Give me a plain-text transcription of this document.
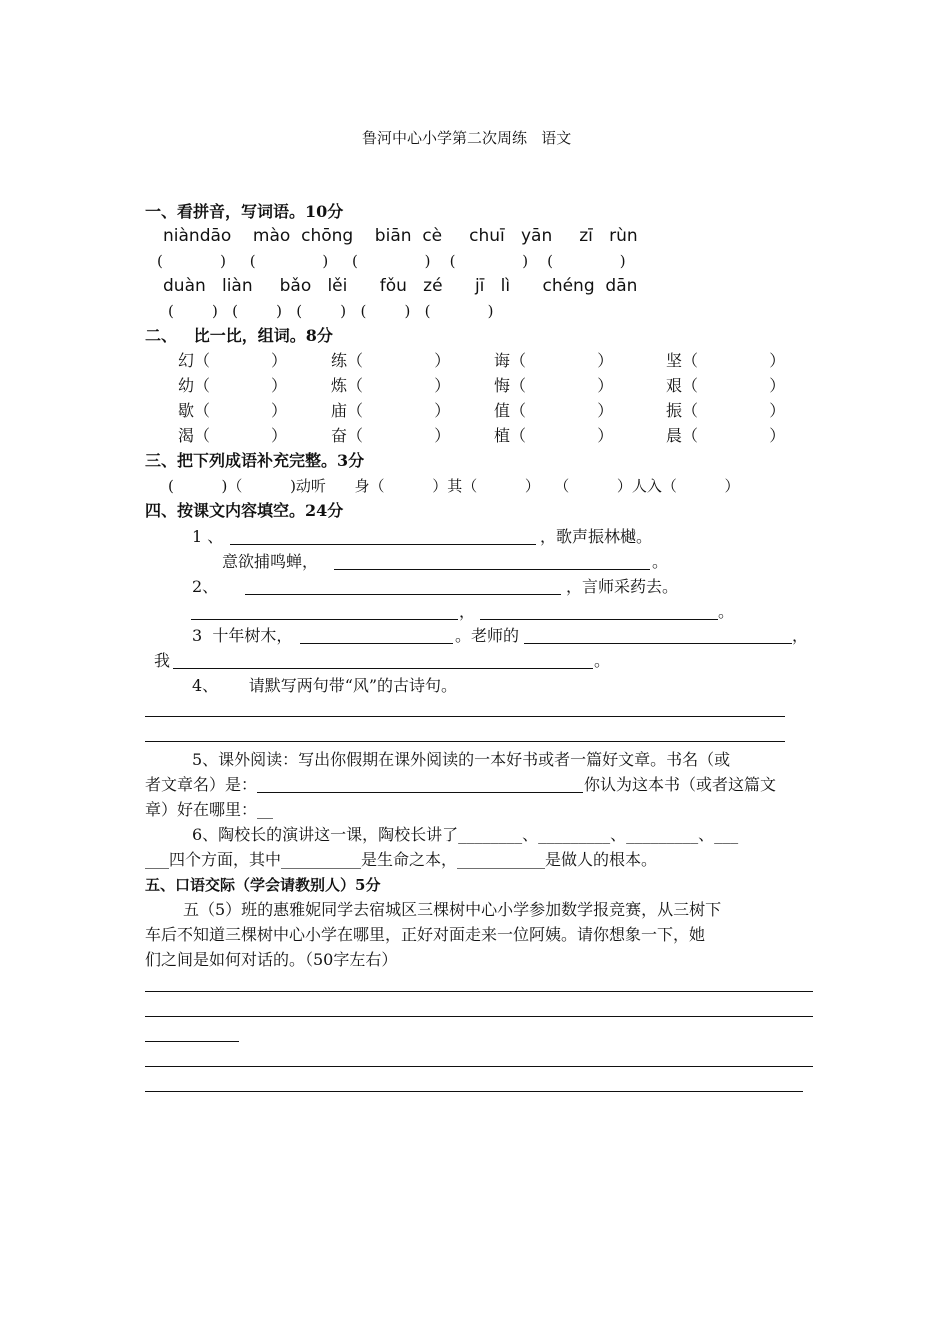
鲁河中心小学第二次周练   语文
一、看拼音，写词语。10分
niàndāo    mào  chōng    biān  cè     chuī   yān     zī   rùn
(            )     (              )     (              )    (              )    (              )
duàn   liàn     bǎo   lěi      fǒu   zé      jī   lì      chéng  dān
(        )   (        )   (        )   (        )   (            )
二、   比一比，组词。8分
幻（            ）	练（              ）	诲（              ）	坚（              ）
幼（            ）	炼（              ）	悔（              ）	艰（              ）
歇（            ）	庙（              ）	值（              ）	振（              ）
渴（            ）	奋（              ）	植（              ）	晨（              ）
三、把下列成语补充完整。3分
(          )（          )动听      身（          ）其（          ）   （          ）人入（          ）
四、按课文内容填空。24分
1 、	，歌声振林樾。
意欲捕鸣蝉，	。
2、	，言师采药去。
，	。
3  十年树木，	。老师的	，
我	。
4、      请默写两句带“风”的古诗句。
5、课外阅读：写出你假期在课外阅读的一本好书或者一篇好文章。书名（或
者文章名）是：	你认为这本书（或者这篇文
章）好在哪里：__
6、陶校长的演讲这一课，陶校长讲了________、_________、_________、___
___四个方面，其中__________是生命之本，___________是做人的根本。
五、口语交际（学会请教别人）5分
五（5）班的惠雅妮同学去宿城区三棵树中心小学参加数学报竞赛，从三树下
车后不知道三棵树中心小学在哪里，正好对面走来一位阿姨。请你想象一下，她
们之间是如何对话的。（50字左右）
